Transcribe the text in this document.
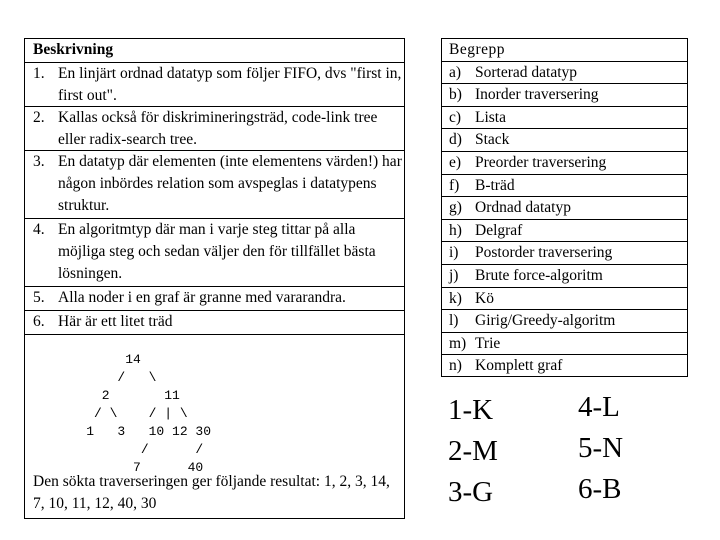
Beskrivning
1. En linjärt ordnad datatyp som följer FIFO, dvs "first in, first out".
2. Kallas också för diskrimineringsträd, code-link tree eller radix-search tree.
3. En datatyp där elementen (inte elementens värden!) har någon inbördes relation som avspeglas i datatypens struktur.
4. En algoritmtyp där man i varje steg tittar på alla möjliga steg och sedan väljer den för tillfället bästa lösningen.
5. Alla noder i en graf är granne med vararandra.
6. Här är ett litet träd
14
/   \
2       11
/ \    / | \
1   3   10 12 30
/      /
7      40
Den sökta traverseringen ger följande resultat: 1, 2, 3, 14, 7, 10, 11, 12, 40, 30
Begrepp
a) Sorterad datatyp
b) Inorder traversering
c) Lista
d) Stack
e) Preorder traversering
f)	B-träd
g) Ordnad datatyp
h) Delgraf
i)	Postorder traversering
j)	Brute force-algoritm
k) Kö
l)	Girig/Greedy-algoritm
m) Trie
n) Komplett graf
1-K
2-M
3-G
4-L
5-N
6-B
